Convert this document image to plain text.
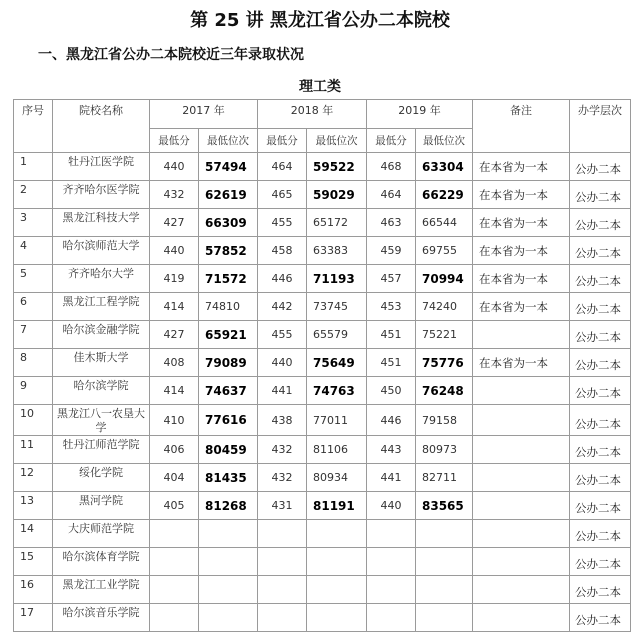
第 25 讲 黑龙江省公办二本院校
一、黑龙江省公办二本院校近三年录取状况
理工类
序号	院校名称	2017 年		2018 年		2019 年		备注	办学层次
		最低分	最低位次	最低分	最低位次	最低分	最低位次		
1	牡丹江医学院	440	57494	464	59522	468	63304	在本省为一本	公办二本
2	齐齐哈尔医学院	432	62619	465	59029	464	66229	在本省为一本	公办二本
3	黑龙江科技大学	427	66309	455	65172	463	66544	在本省为一本	公办二本
4	哈尔滨师范大学	440	57852	458	63383	459	69755	在本省为一本	公办二本
5	齐齐哈尔大学	419	71572	446	71193	457	70994	在本省为一本	公办二本
6	黑龙江工程学院	414	74810	442	73745	453	74240	在本省为一本	公办二本
7	哈尔滨金融学院	427	65921	455	65579	451	75221		公办二本
8	佳木斯大学	408	79089	440	75649	451	75776	在本省为一本	公办二本
9	哈尔滨学院	414	74637	441	74763	450	76248		公办二本
10	黑龙江八一农垦大学	410	77616	438	77011	446	79158		公办二本
11	牡丹江师范学院	406	80459	432	81106	443	80973		公办二本
12	绥化学院	404	81435	432	80934	441	82711		公办二本
13	黑河学院	405	81268	431	81191	440	83565		公办二本
14	大庆师范学院								公办二本
15	哈尔滨体育学院								公办二本
16	黑龙江工业学院								公办二本
17	哈尔滨音乐学院								公办二本
